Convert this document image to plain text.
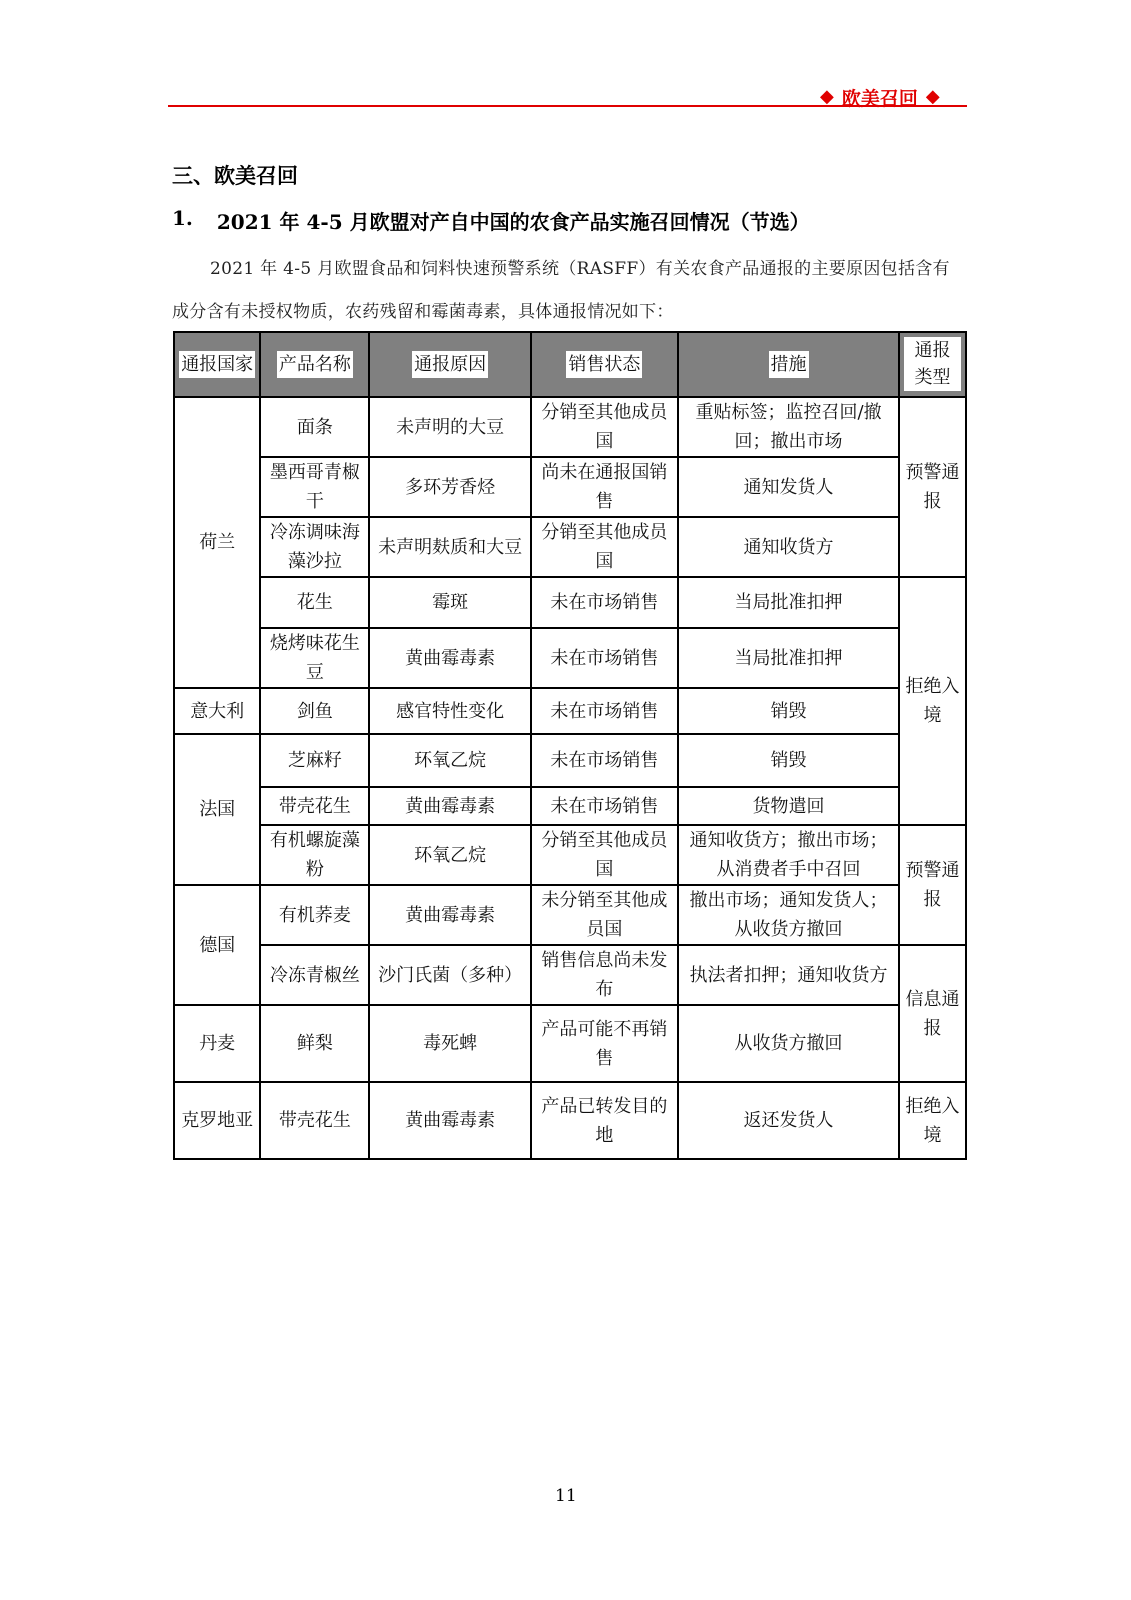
◆ 欧美召回 ◆
三、欧美召回
1. 2021 年 4-5 月欧盟对产自中国的农食产品实施召回情况（节选）
2021 年 4-5 月欧盟食品和饲料快速预警系统（RASFF）有关农食产品通报的主要原因包括含有成分含有未授权物质，农药残留和霉菌毒素，具体通报情况如下：
通报国家	产品名称	通报原因	销售状态	措施	通报类型
荷兰	面条	未声明的大豆	分销至其他成员国	重贴标签；监控召回/撤回；撤出市场	预警通报
	墨西哥青椒干	多环芳香烃	尚未在通报国销售	通知发货人	
	冷冻调味海藻沙拉	未声明麸质和大豆	分销至其他成员国	通知收货方	
	花生	霉斑	未在市场销售	当局批准扣押	拒绝入境
	烧烤味花生豆	黄曲霉毒素	未在市场销售	当局批准扣押	
意大利	剑鱼	感官特性变化	未在市场销售	销毁	
法国	芝麻籽	环氧乙烷	未在市场销售	销毁	
	带壳花生	黄曲霉毒素	未在市场销售	货物遣回	
	有机螺旋藻粉	环氧乙烷	分销至其他成员国	通知收货方；撤出市场；从消费者手中召回	预警通报
德国	有机荞麦	黄曲霉毒素	未分销至其他成员国	撤出市场；通知发货人；从收货方撤回	
	冷冻青椒丝	沙门氏菌（多种）	销售信息尚未发布	执法者扣押；通知收货方	信息通报
丹麦	鲜梨	毒死蜱	产品可能不再销售	从收货方撤回	
克罗地亚	带壳花生	黄曲霉毒素	产品已转发目的地	返还发货人	拒绝入境
11
